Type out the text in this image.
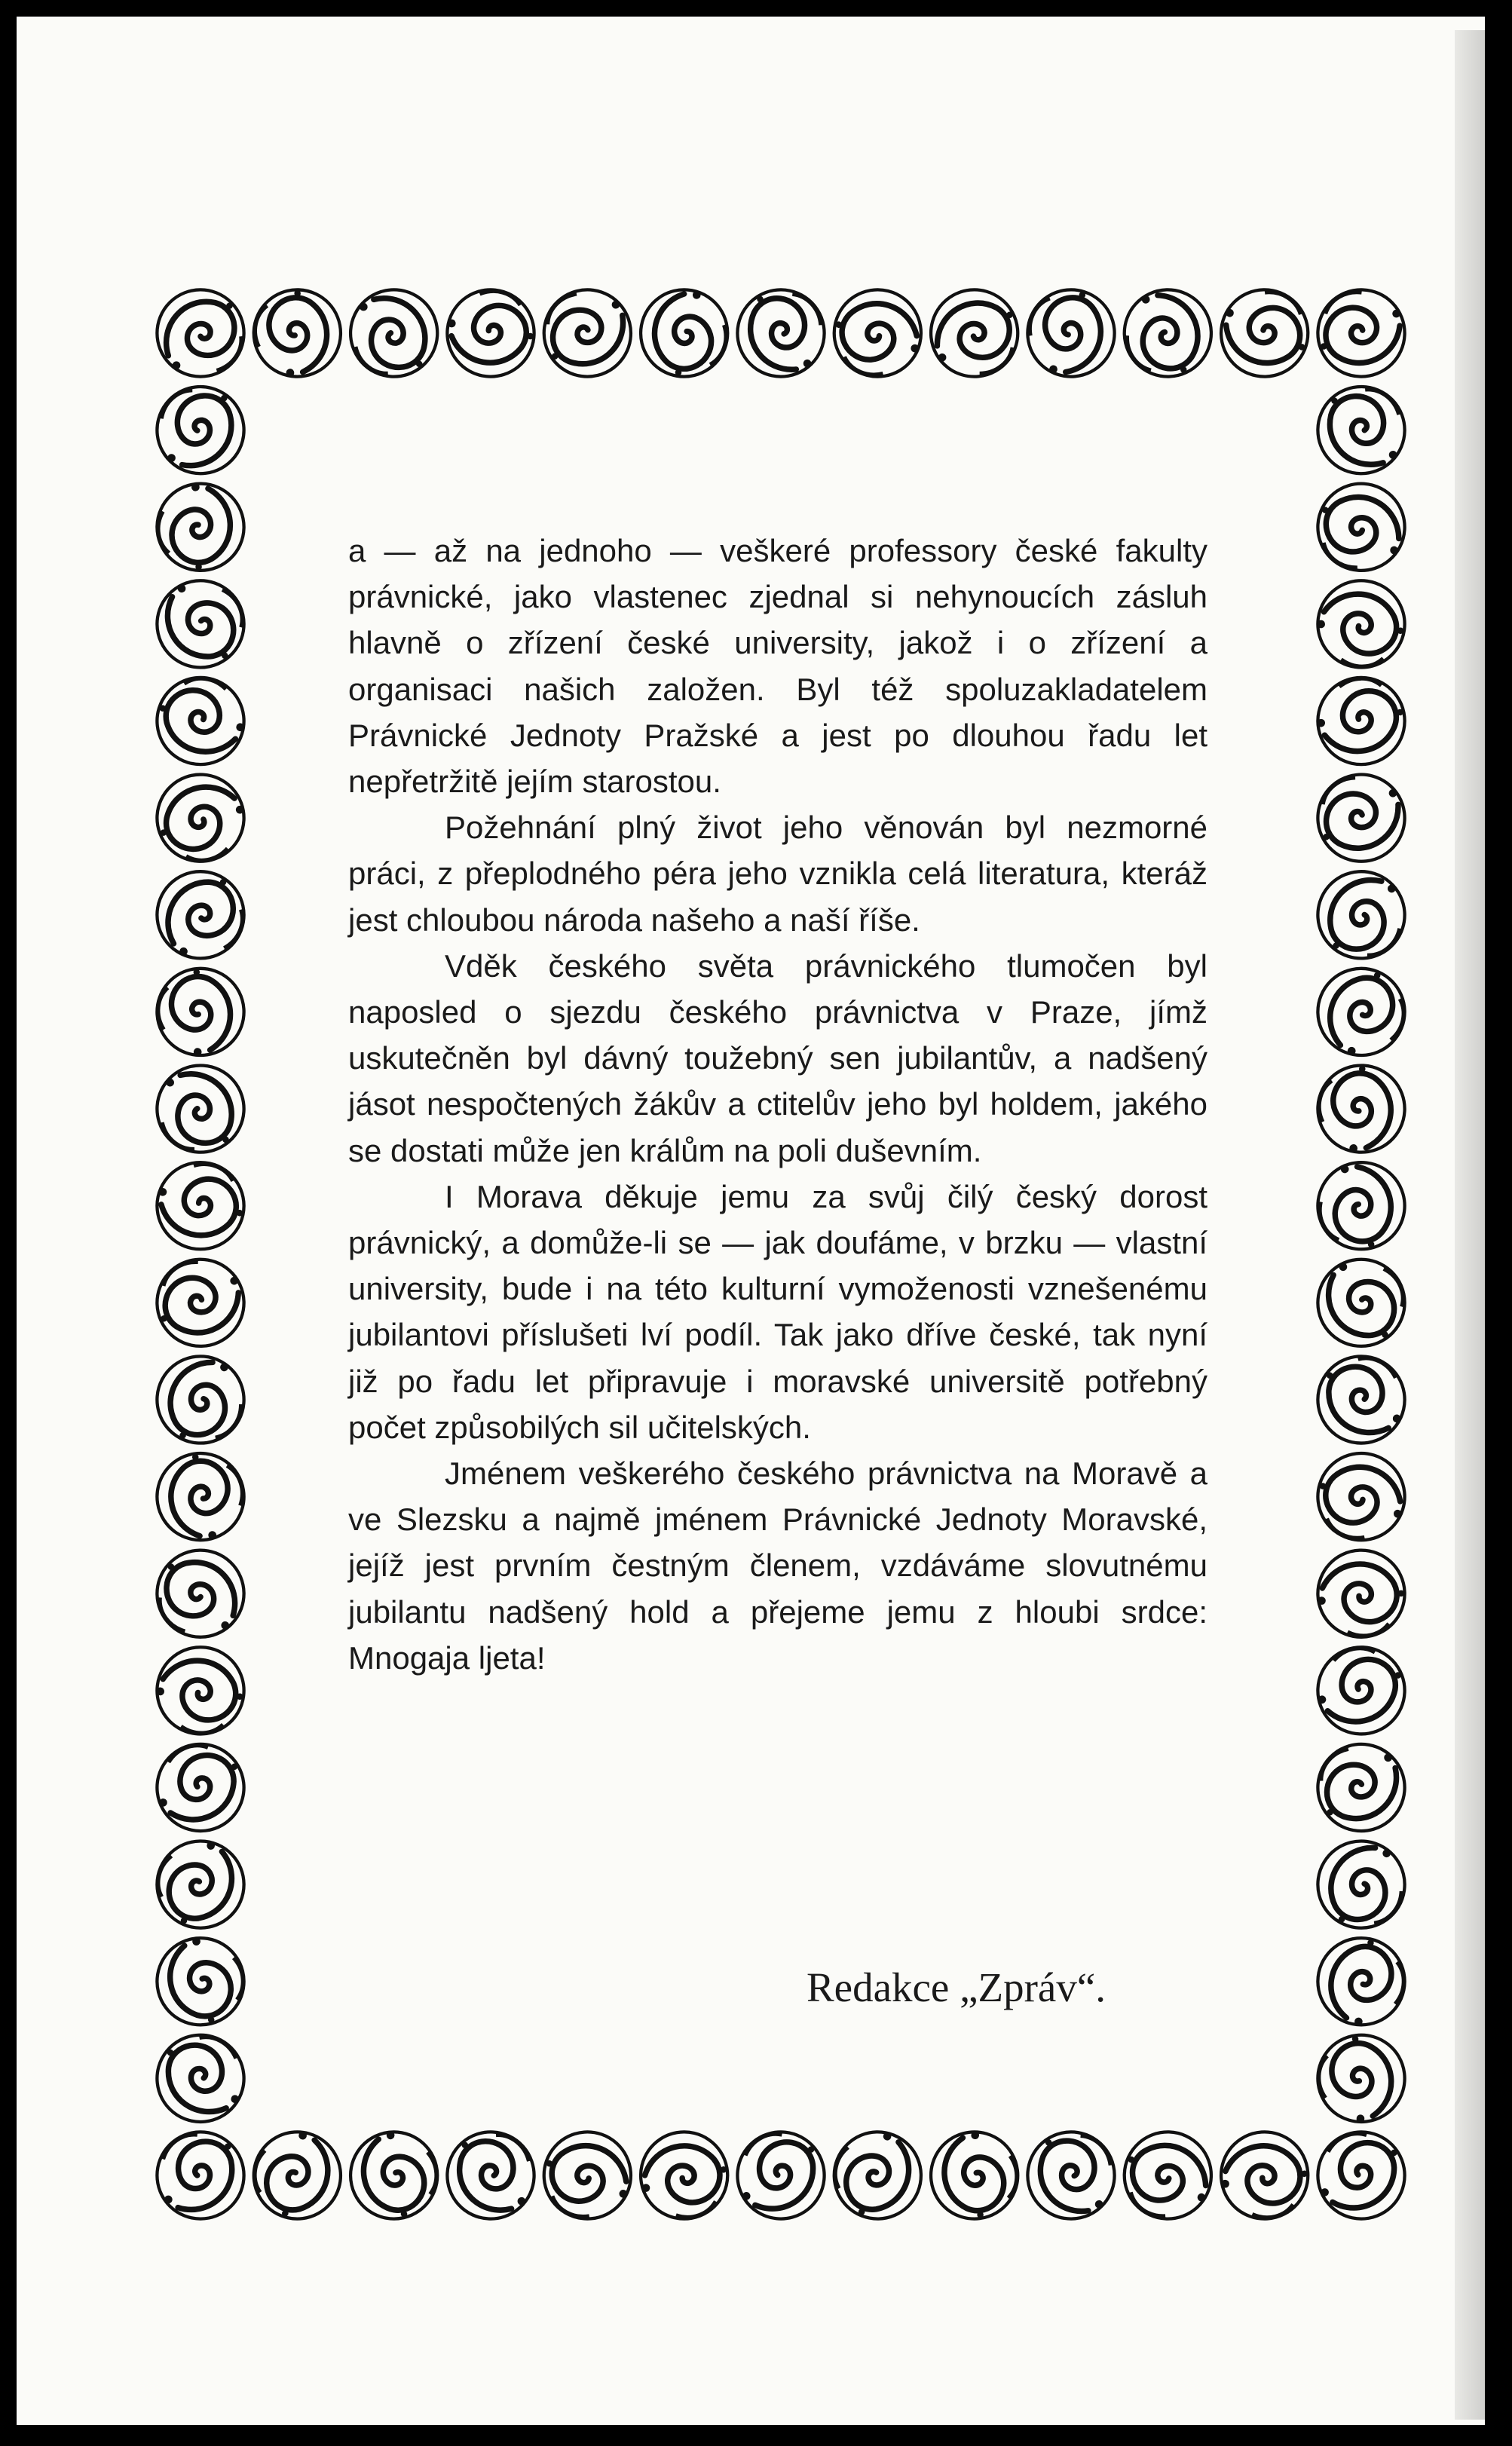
a — až na jednoho — veškeré professory české fakulty právnické, jako vlastenec zjednal si nehynoucích zásluh hlavně o zřízení české university, jakož i o zřízení a organisaci našich založen. Byl též spoluzakladatelem Právnické Jednoty Pražské a jest po dlouhou řadu let nepřetržitě jejím starostou.

Požehnání plný život jeho věnován byl nezmorné práci, z přeplodného péra jeho vznikla celá literatura, kteráž jest chloubou národa našeho a naší říše.

Vděk českého světa právnického tlumočen byl naposled o sjezdu českého právnictva v Praze, jímž uskutečněn byl dávný toužebný sen jubilantův, a nadšený jásot nespočtených žákův a ctitelův jeho byl holdem, jakého se dostati může jen králům na poli duševním.

I Morava děkuje jemu za svůj čilý český dorost právnický, a domůže-li se — jak doufáme, v brzku — vlastní university, bude i na této kulturní vymoženosti vznešenému jubilantovi příslušeti lví podíl. Tak jako dříve české, tak nyní již po řadu let připravuje i moravské universitě potřebný počet způsobilých sil učitelských.

Jménem veškerého českého právnictva na Moravě a ve Slezsku a najmě jménem Právnické Jednoty Moravské, jejíž jest prvním čestným členem, vzdáváme slovutnému jubilantu nadšený hold a přejeme jemu z hloubi srdce: Mnogaja ljeta!

Redakce „Zpráv“.
